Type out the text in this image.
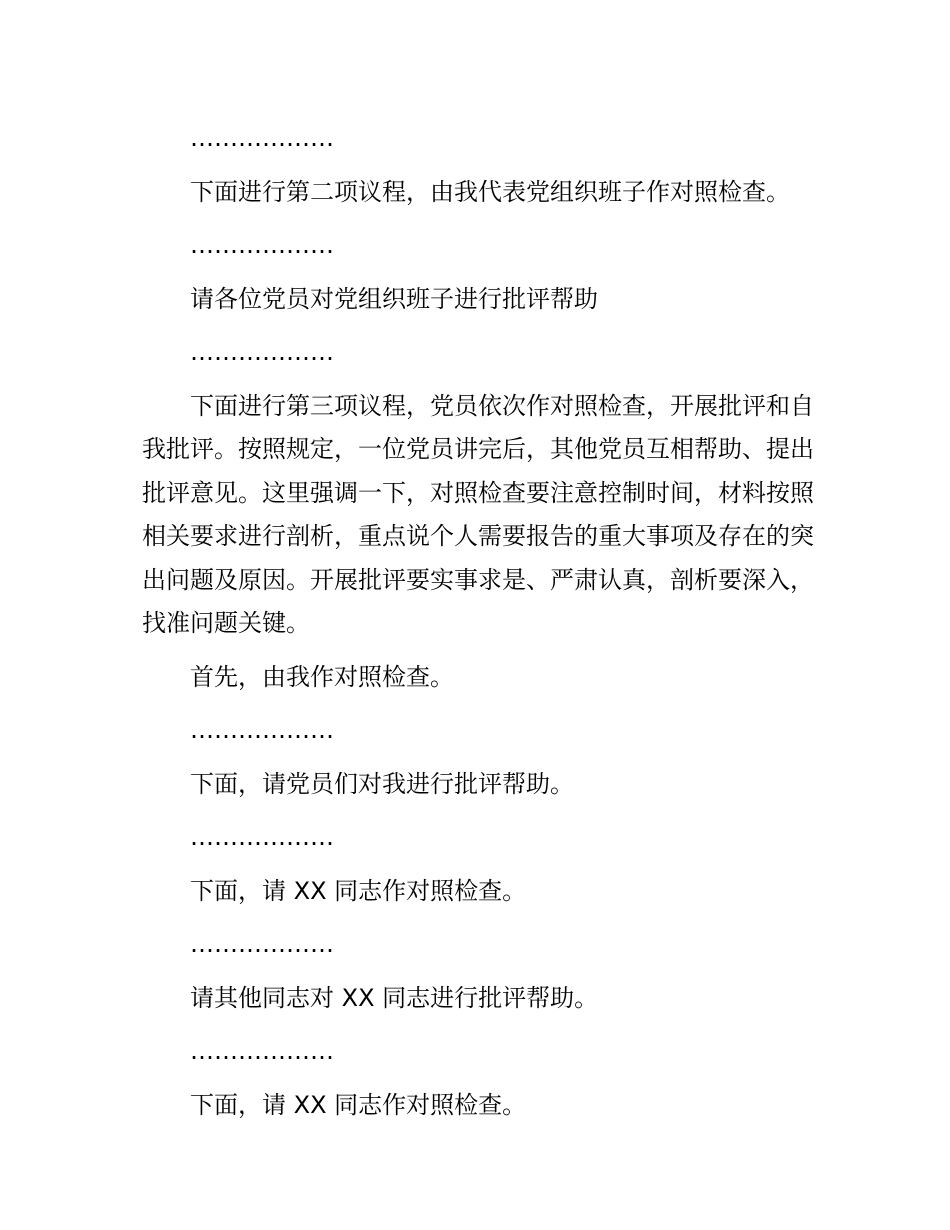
………………

下面进行第二项议程，由我代表党组织班子作对照检查。

………………

请各位党员对党组织班子进行批评帮助

………………

下面进行第三项议程，党员依次作对照检查，开展批评和自我批评。按照规定，一位党员讲完后，其他党员互相帮助、提出批评意见。这里强调一下，对照检查要注意控制时间，材料按照相关要求进行剖析，重点说个人需要报告的重大事项及存在的突出问题及原因。开展批评要实事求是、严肃认真，剖析要深入，找准问题关键。

首先，由我作对照检查。

………………

下面，请党员们对我进行批评帮助。

………………

下面，请 XX 同志作对照检查。

………………

请其他同志对 XX 同志进行批评帮助。

………………

下面，请 XX 同志作对照检查。
